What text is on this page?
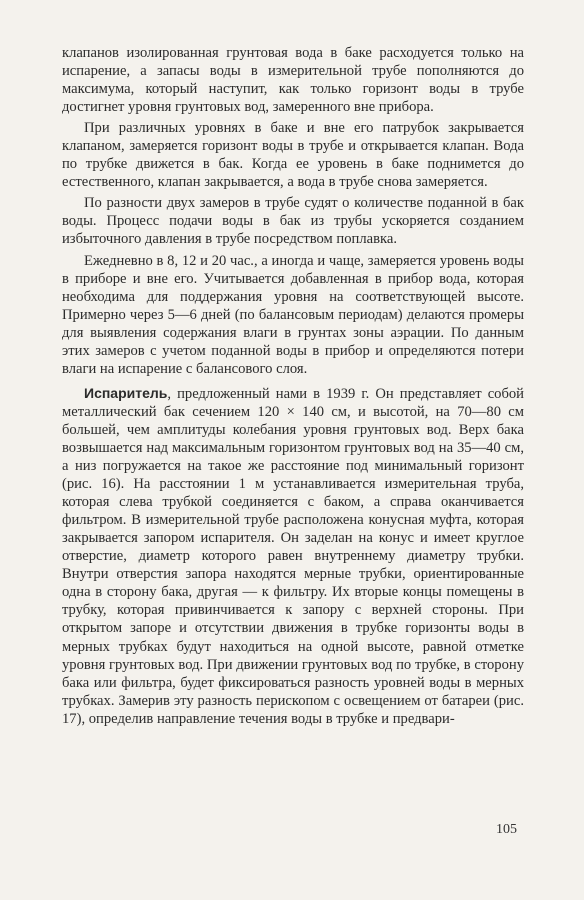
клапанов изолированная грунтовая вода в баке расходуется только на испарение, а запасы воды в измерительной трубе пополняются до максимума, который наступит, как только горизонт воды в трубе достигнет уровня грунтовых вод, замеренного вне прибора.

При различных уровнях в баке и вне его патрубок закрывается клапаном, замеряется горизонт воды в трубе и открывается клапан. Вода по трубке движется в бак. Когда ее уровень в баке поднимется до естественного, клапан закрывается, а вода в трубе снова замеряется.

По разности двух замеров в трубе судят о количестве поданной в бак воды. Процесс подачи воды в бак из трубы ускоряется созданием избыточного давления в трубе посредством поплавка.

Ежедневно в 8, 12 и 20 час., а иногда и чаще, замеряется уровень воды в приборе и вне его. Учитывается добавленная в прибор вода, которая необходима для поддержания уровня на соответствующей высоте. Примерно через 5—6 дней (по балансовым периодам) делаются промеры для выявления содержания влаги в грунтах зоны аэрации. По данным этих замеров с учетом поданной воды в прибор и определяются потери влаги на испарение с балансового слоя.

Испаритель, предложенный нами в 1939 г. Он представляет собой металлический бак сечением 120 × 140 см, и высотой, на 70—80 см большей, чем амплитуды колебания уровня грунтовых вод. Верх бака возвышается над максимальным горизонтом грунтовых вод на 35—40 см, а низ погружается на такое же расстояние под минимальный горизонт (рис. 16). На расстоянии 1 м устанавливается измерительная труба, которая слева трубкой соединяется с баком, а справа оканчивается фильтром. В измерительной трубе расположена конусная муфта, которая закрывается запором испарителя. Он заделан на конус и имеет круглое отверстие, диаметр которого равен внутреннему диаметру трубки. Внутри отверстия запора находятся мерные трубки, ориентированные одна в сторону бака, другая — к фильтру. Их вторые концы помещены в трубку, которая привинчивается к запору с верхней стороны. При открытом запоре и отсутствии движения в трубке горизонты воды в мерных трубках будут находиться на одной высоте, равной отметке уровня грунтовых вод. При движении грунтовых вод по трубке, в сторону бака или фильтра, будет фиксироваться разность уровней воды в мерных трубках. Замерив эту разность перископом с освещением от батареи (рис. 17), определив направление течения воды в трубке и предвари-

105
